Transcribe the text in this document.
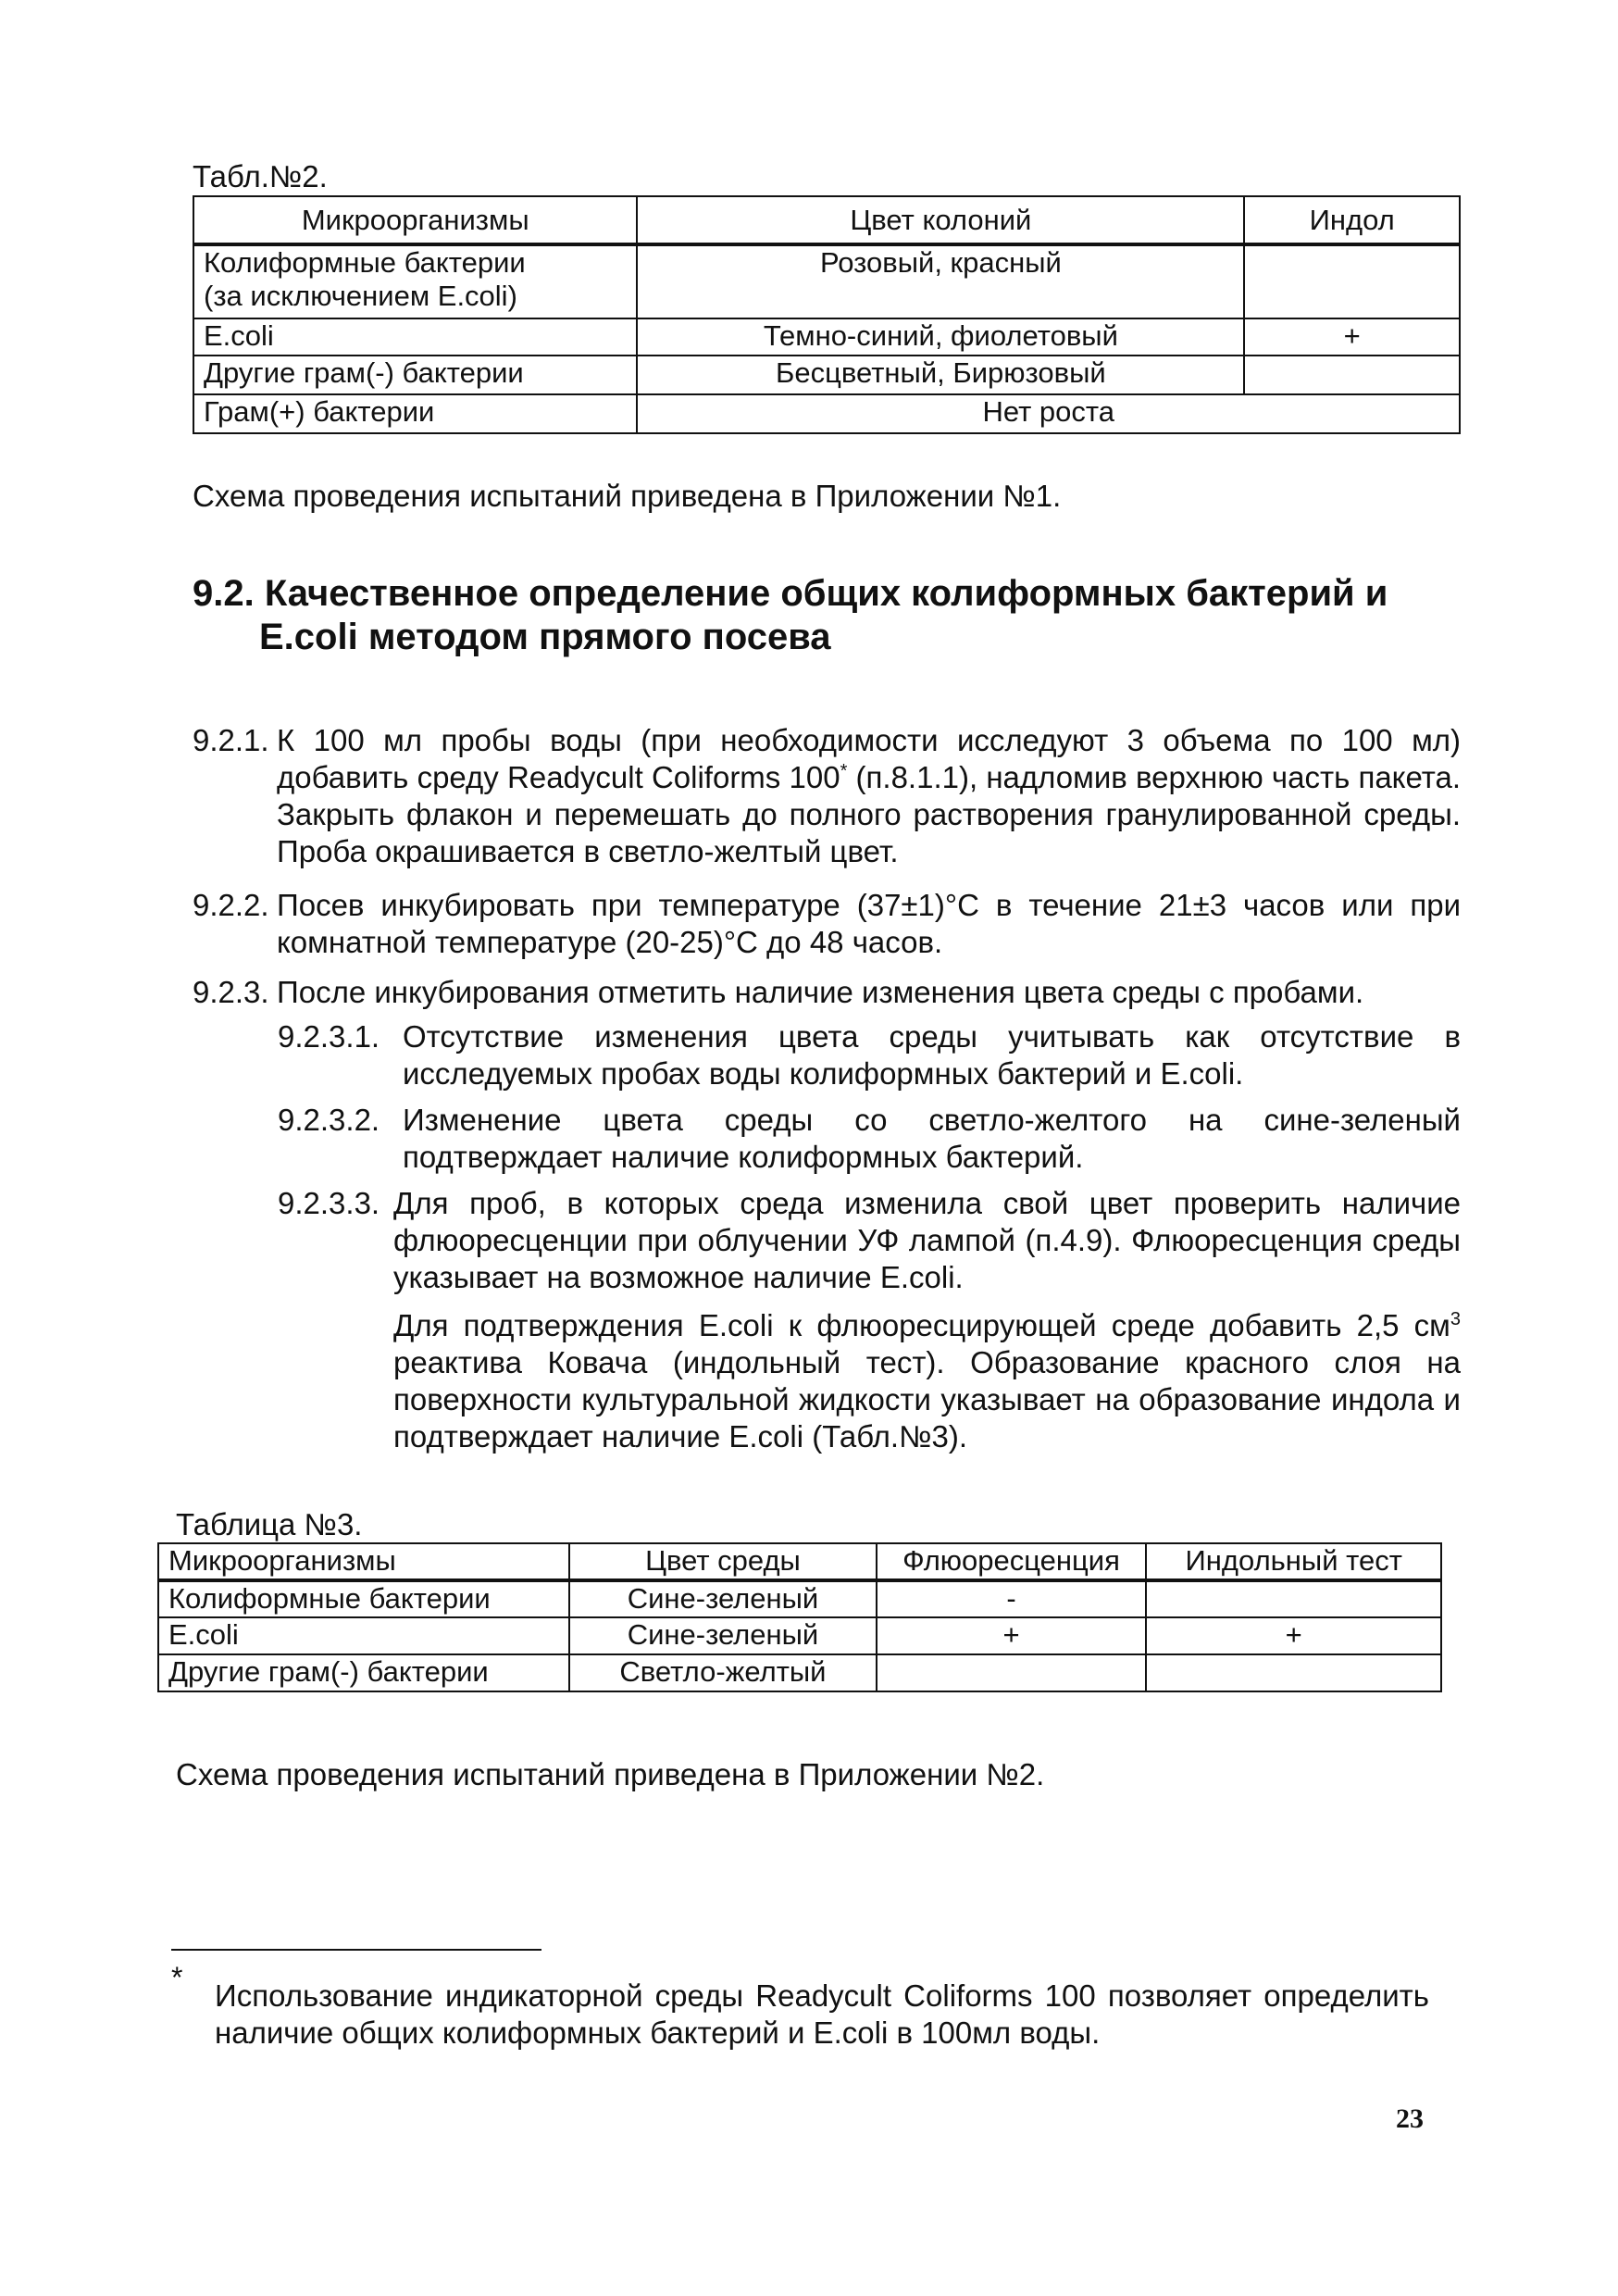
Табл.№2.
Микроорганизмы	Цвет колоний	Индол
Колиформные бактерии
(за исключением E.coli)	Розовый, красный	
E.coli	Темно-синий, фиолетовый	+
Другие грам(-) бактерии	Бесцветный, Бирюзовый	
Грам(+) бактерии	Нет роста	
Схема проведения испытаний приведена в Приложении №1.
9.2. Качественное определение общих колиформных бактерий и
E.coli методом прямого посева
9.2.1. К 100 мл пробы воды (при необходимости исследуют 3 объема по 100 мл) добавить среду Readycult Coliforms 100* (п.8.1.1), надломив верхнюю часть пакета. Закрыть флакон и перемешать до полного растворения гранулированной среды. Проба окрашивается в светло-желтый цвет.
9.2.2. Посев инкубировать при температуре (37±1)°С в течение 21±3 часов или при комнатной температуре (20-25)°С до 48 часов.
9.2.3. После инкубирования отметить наличие изменения цвета среды с пробами.
9.2.3.1. Отсутствие изменения цвета среды учитывать как отсутствие в исследуемых пробах воды колиформных бактерий и E.coli.
9.2.3.2. Изменение цвета среды со светло-желтого на сине-зеленый подтверждает наличие колиформных бактерий.
9.2.3.3. Для проб, в которых среда изменила свой цвет проверить наличие флюоресценции при облучении УФ лампой (п.4.9). Флюоресценция среды указывает на возможное наличие E.coli.
Для подтверждения E.coli к флюоресцирующей среде добавить 2,5 $см^3$ реактива Ковача (индольный тест). Образование красного слоя на поверхности культуральной жидкости указывает на образование индола и подтверждает наличие E.coli (Табл.№3).
Таблица №3.
Микроорганизмы	Цвет среды	Флюоресценция	Индольный тест
Колиформные бактерии	Сине-зеленый	-	
E.coli	Сине-зеленый	+	+
Другие грам(-) бактерии	Светло-желтый		
Схема проведения испытаний приведена в Приложении №2.
*
Использование индикаторной среды Readycult Coliforms 100 позволяет определить наличие общих колиформных бактерий и E.coli в 100мл воды.
23
